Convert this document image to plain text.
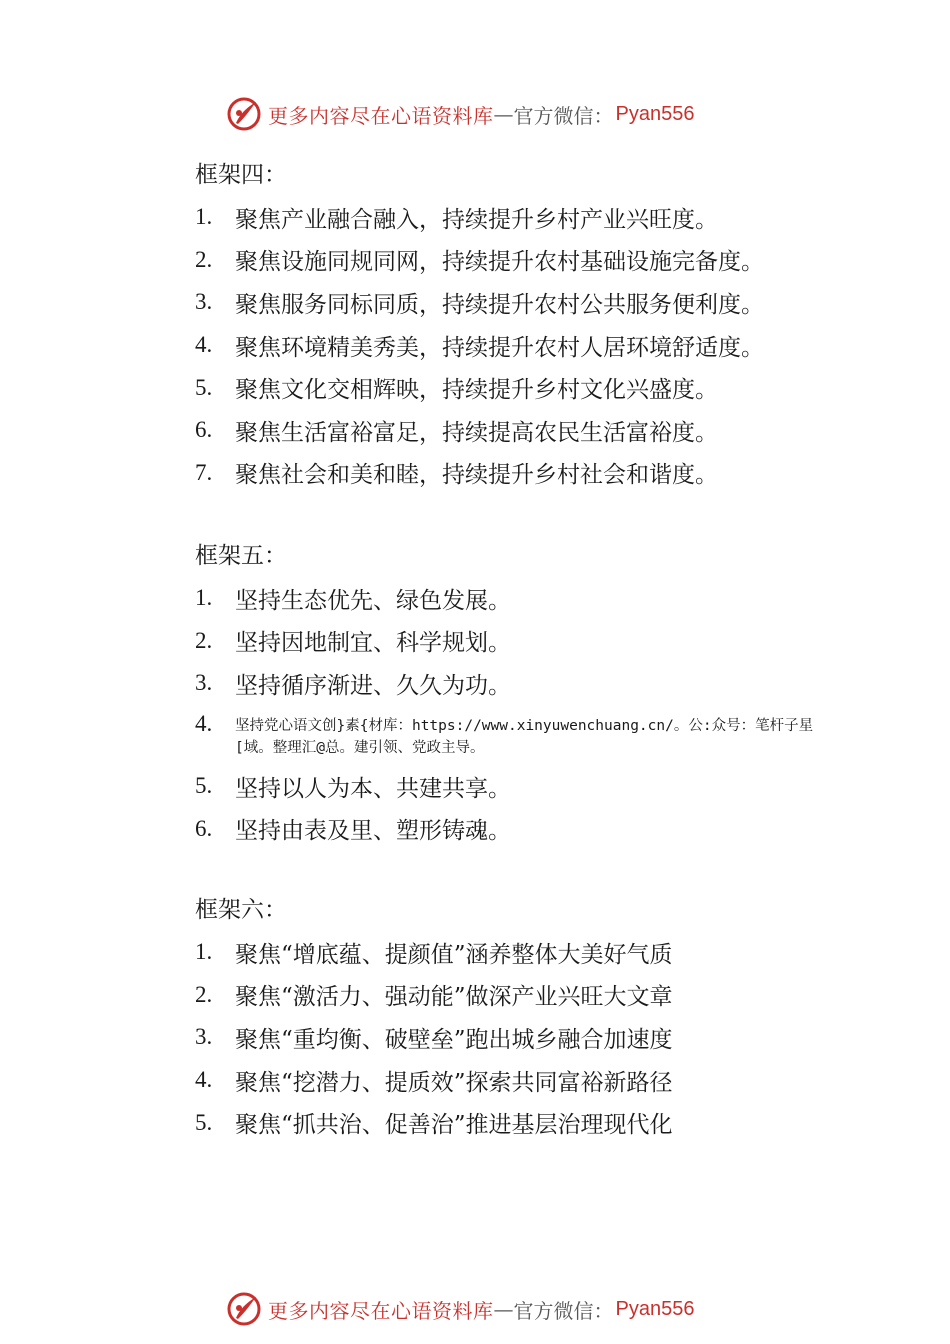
更多内容尽在心语资料库 — 官方微信： Pyan556
框架四：
1. 聚焦产业融合融入，持续提升乡村产业兴旺度。
2. 聚焦设施同规同网，持续提升农村基础设施完备度。
3. 聚焦服务同标同质，持续提升农村公共服务便利度。
4. 聚焦环境精美秀美，持续提升农村人居环境舒适度。
5. 聚焦文化交相辉映，持续提升乡村文化兴盛度。
6. 聚焦生活富裕富足，持续提高农民生活富裕度。
7. 聚焦社会和美和睦，持续提升乡村社会和谐度。
框架五：
1. 坚持生态优先、绿色发展。
2. 坚持因地制宜、科学规划。
3. 坚持循序渐进、久久为功。
4.	坚持党心语文创}素{材库：https://www.xinyuwenchuang.cn/。公:众号：笔杆子星[域。整理汇@总。建引领、党政主导。
5. 坚持以人为本、共建共享。
6. 坚持由表及里、塑形铸魂。
框架六：
1. 聚焦“增底蕴、提颜值”涵养整体大美好气质
2. 聚焦“激活力、强动能”做深产业兴旺大文章
3. 聚焦“重均衡、破壁垒”跑出城乡融合加速度
4. 聚焦“挖潜力、提质效”探索共同富裕新路径
5. 聚焦“抓共治、促善治”推进基层治理现代化
更多内容尽在心语资料库 — 官方微信： Pyan556
